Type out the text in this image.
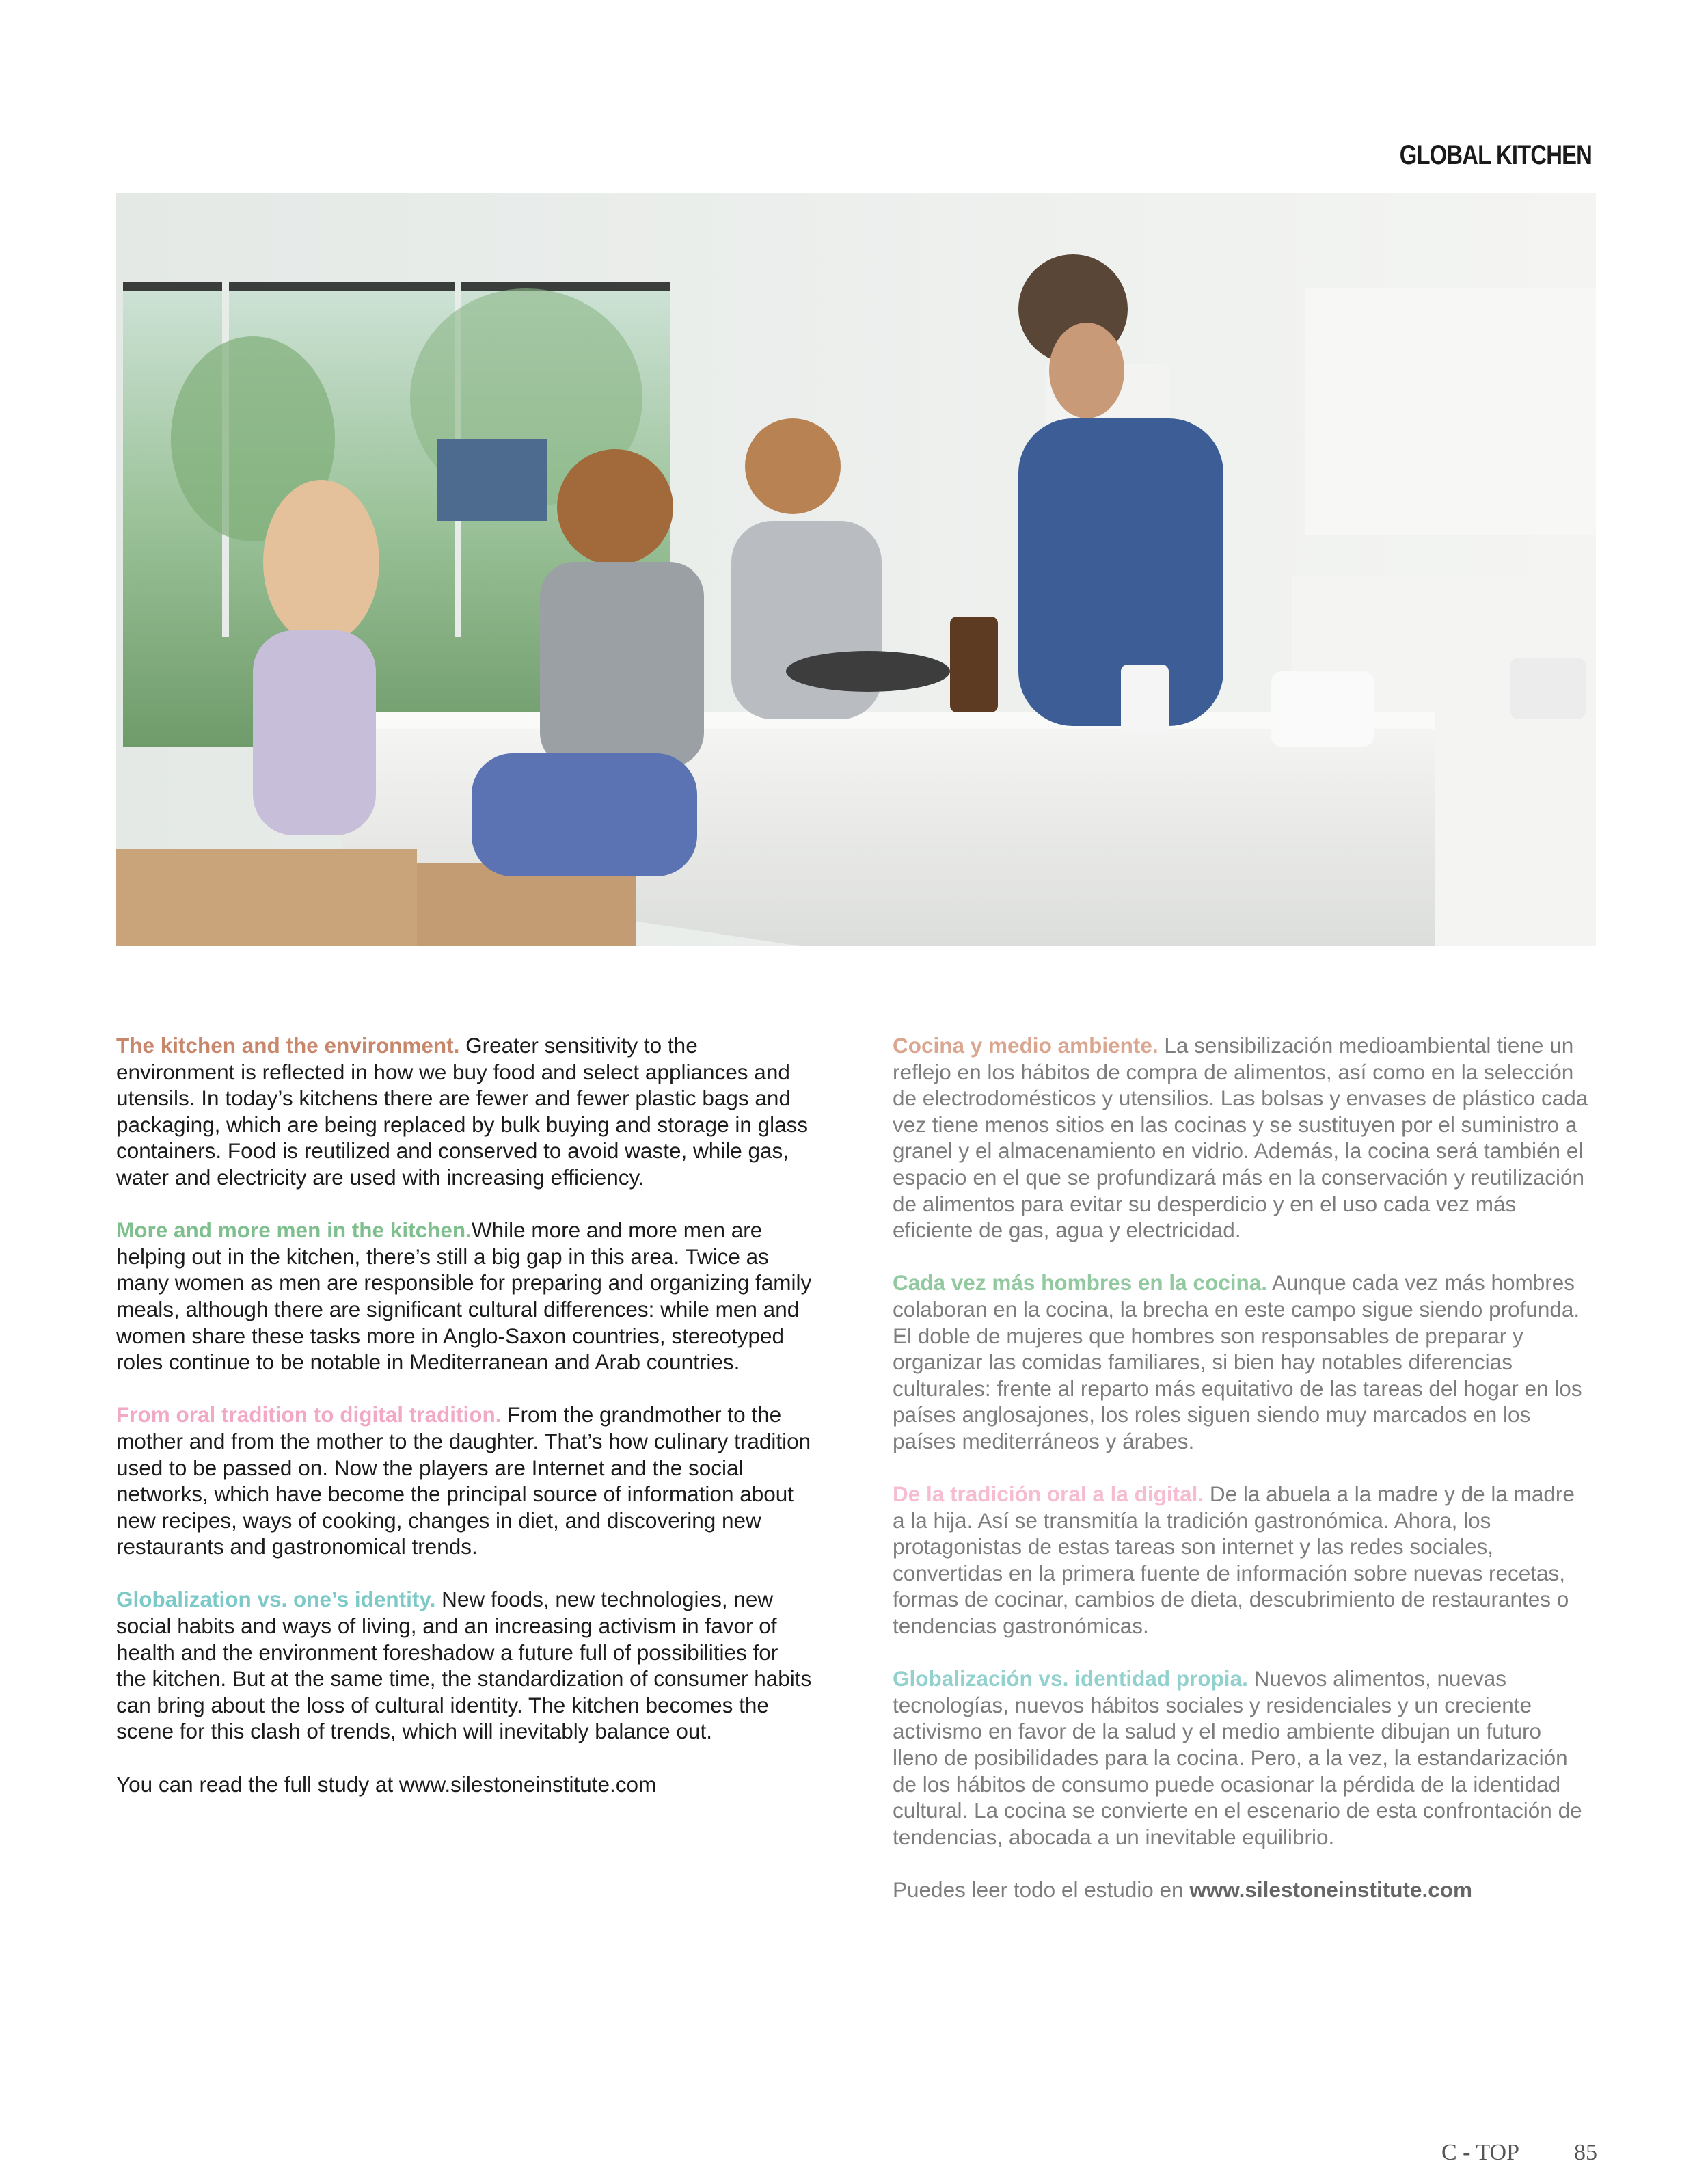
GLOBAL KITCHEN

The kitchen and the environment. Greater sensitivity to the environment is reflected in how we buy food and select appliances and utensils. In today’s kitchens there are fewer and fewer plastic bags and packaging, which are being replaced by bulk buying and storage in glass containers. Food is reutilized and conserved to avoid waste, while gas, water and electricity are used with increasing efficiency.

More and more men in the kitchen.While more and more men are helping out in the kitchen, there’s still a big gap in this area. Twice as many women as men are responsible for preparing and organizing family meals, although there are significant cultural differences: while men and women share these tasks more in Anglo-Saxon countries, stereotyped roles continue to be notable in Mediterranean and Arab countries.

From oral tradition to digital tradition. From the grandmother to the mother and from the mother to the daughter. That’s how culinary tradition used to be passed on. Now the players are Internet and the social networks, which have become the principal source of information about new recipes, ways of cooking, changes in diet, and discovering new restaurants and gastronomical trends.

Globalization vs. one’s identity. New foods, new technologies, new social habits and ways of living, and an increasing activism in favor of health and the environment foreshadow a future full of possibilities for the kitchen. But at the same time, the standardization of consumer habits can bring about the loss of cultural identity. The kitchen becomes the scene for this clash of trends, which will inevitably balance out.

You can read the full study at www.silestoneinstitute.com

Cocina y medio ambiente. La sensibilización medioambiental tiene un reflejo en los hábitos de compra de alimentos, así como en la selección de electrodomésticos y utensilios. Las bolsas y envases de plástico cada vez tiene menos sitios en las cocinas y se sustituyen por el suministro a granel y el almacenamiento en vidrio. Además, la cocina será también el espacio en el que se profundizará más en la conservación y reutilización de alimentos para evitar su desperdicio y en el uso cada vez más eficiente de gas, agua y electricidad.

Cada vez más hombres en la cocina. Aunque cada vez más hombres colaboran en la cocina, la brecha en este campo sigue siendo profunda. El doble de mujeres que hombres son responsables de preparar y organizar las comidas familiares, si bien hay notables diferencias culturales: frente al reparto más equitativo de las tareas del hogar en los países anglosajones, los roles siguen siendo muy marcados en los países mediterráneos y árabes.

De la tradición oral a la digital. De la abuela a la madre y de la madre a la hija. Así se transmitía la tradición gastronómica. Ahora, los protagonistas de estas tareas son internet y las redes sociales, convertidas en la primera fuente de información sobre nuevas recetas, formas de cocinar, cambios de dieta, descubrimiento de restaurantes o tendencias gastronómicas.

Globalización vs. identidad propia. Nuevos alimentos, nuevas tecnologías, nuevos hábitos sociales y residenciales y un creciente activismo en favor de la salud y el medio ambiente dibujan un futuro lleno de posibilidades para la cocina. Pero, a la vez, la estandarización de los hábitos de consumo puede ocasionar la pérdida de la identidad cultural. La cocina se convierte en el escenario de esta confrontación de tendencias, abocada a un inevitable equilibrio.

Puedes leer todo el estudio en www.silestoneinstitute.com

C - TOP 85
